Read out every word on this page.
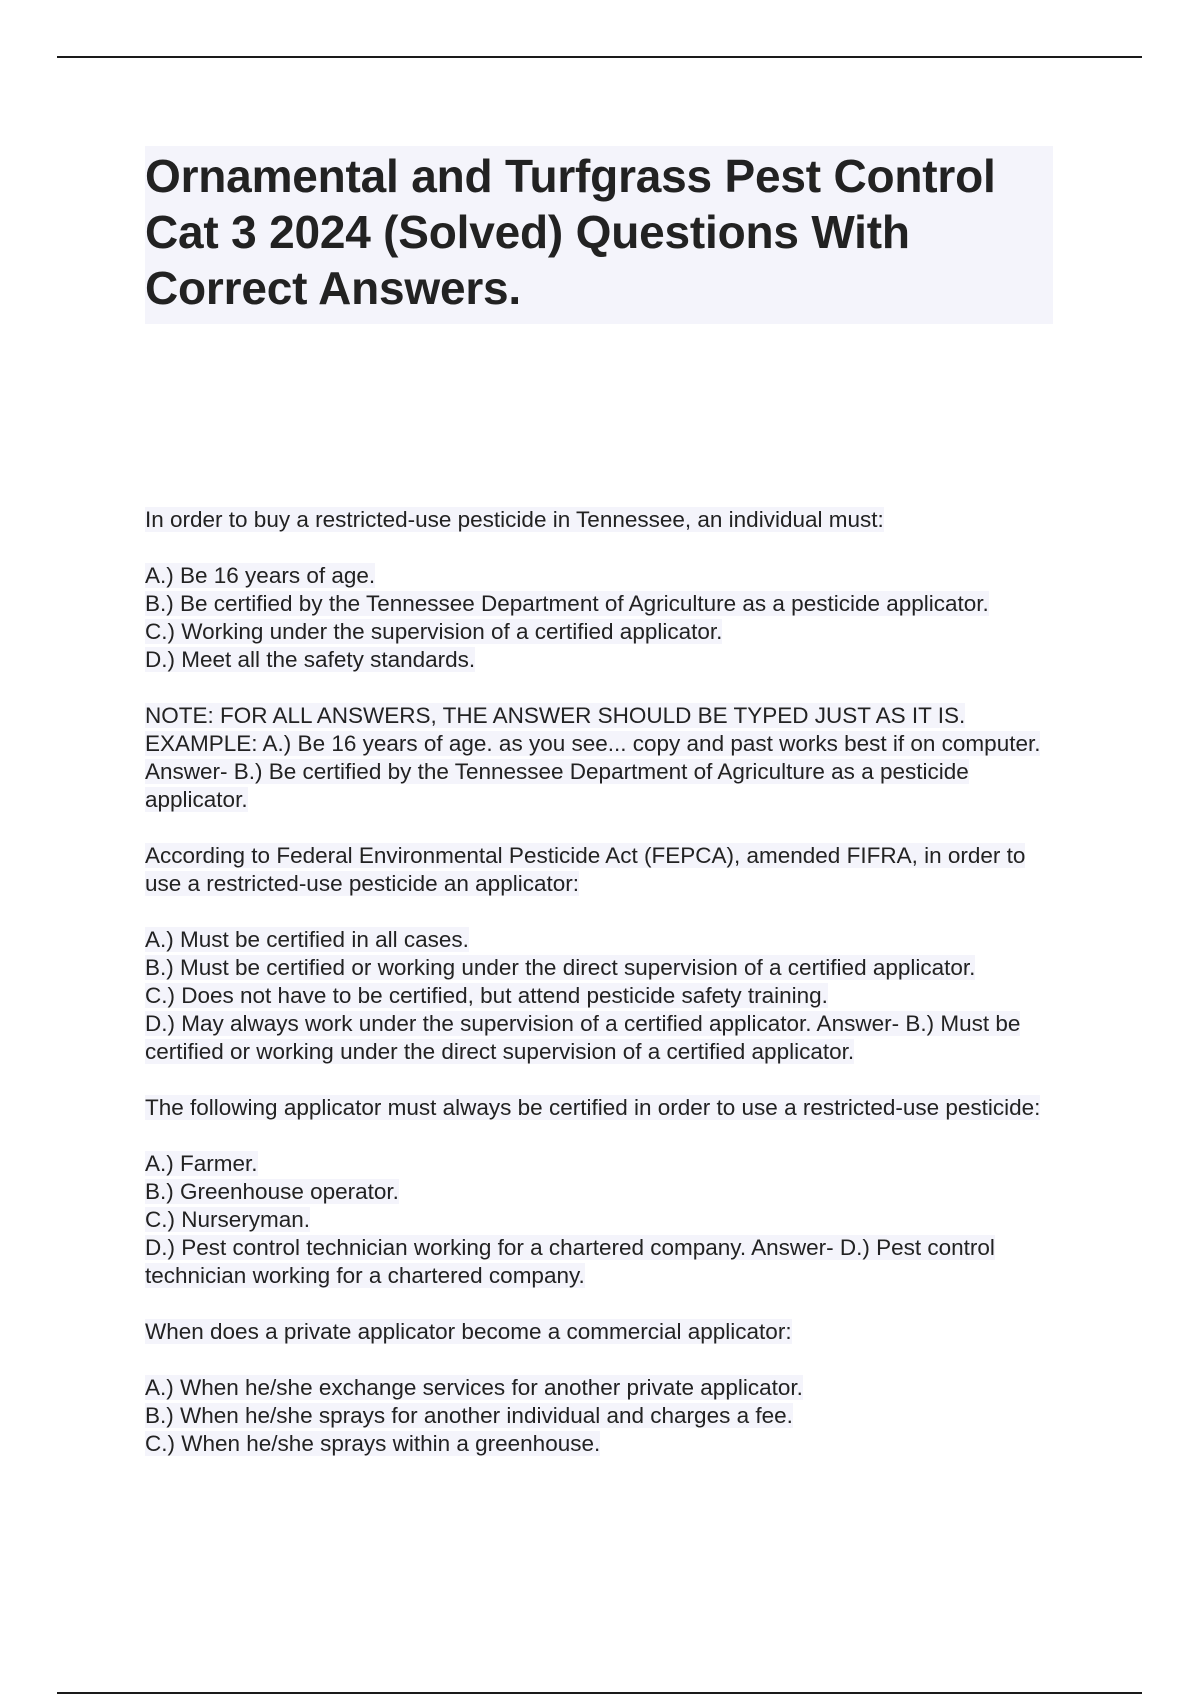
Ornamental and Turfgrass Pest Control Cat 3 2024 (Solved) Questions With Correct Answers.
In order to buy a restricted-use pesticide in Tennessee, an individual must:
A.) Be 16 years of age.
B.) Be certified by the Tennessee Department of Agriculture as a pesticide applicator.
C.) Working under the supervision of a certified applicator.
D.) Meet all the safety standards.
NOTE: FOR ALL ANSWERS, THE ANSWER SHOULD BE TYPED JUST AS IT IS. EXAMPLE: A.) Be 16 years of age. as you see... copy and past works best if on computer. Answer- B.) Be certified by the Tennessee Department of Agriculture as a pesticide applicator.
According to Federal Environmental Pesticide Act (FEPCA), amended FIFRA, in order to use a restricted-use pesticide an applicator:
A.) Must be certified in all cases.
B.) Must be certified or working under the direct supervision of a certified applicator.
C.) Does not have to be certified, but attend pesticide safety training.
D.) May always work under the supervision of a certified applicator. Answer- B.) Must be certified or working under the direct supervision of a certified applicator.
The following applicator must always be certified in order to use a restricted-use pesticide:
A.) Farmer.
B.) Greenhouse operator.
C.) Nurseryman.
D.) Pest control technician working for a chartered company. Answer- D.) Pest control technician working for a chartered company.
When does a private applicator become a commercial applicator:
A.) When he/she exchange services for another private applicator.
B.) When he/she sprays for another individual and charges a fee.
C.) When he/she sprays within a greenhouse.
